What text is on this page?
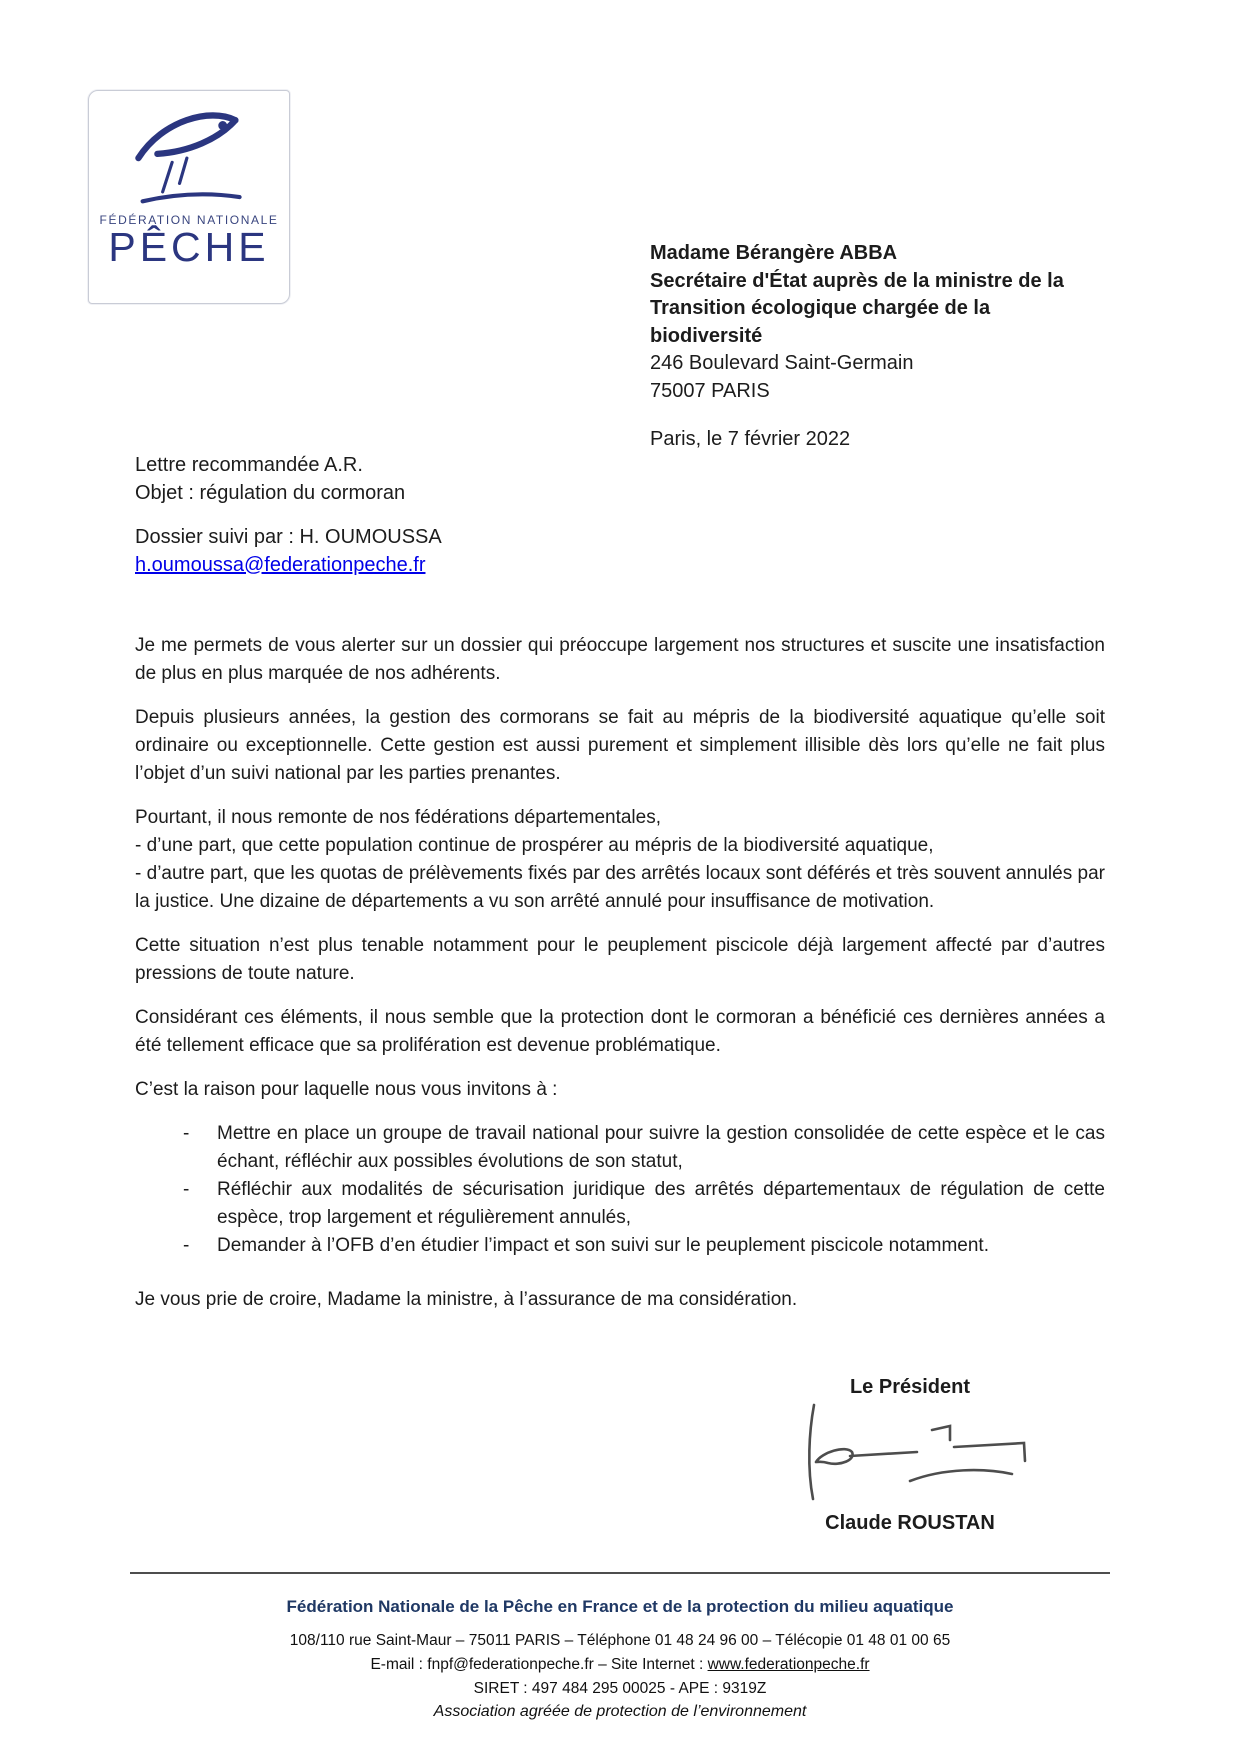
FÉDÉRATION NATIONALE
PÊCHE	Madame Bérangère ABBA
Secrétaire d'État auprès de la ministre de la
Transition écologique chargée de la
biodiversité
246 Boulevard Saint-Germain
75007 PARIS
Paris, le 7 février 2022
Lettre recommandée A.R.
Objet : régulation du cormoran
Dossier suivi par : H. OUMOUSSA
h.oumoussa@federationpeche.fr

Je me permets de vous alerter sur un dossier qui préoccupe largement nos structures et suscite une insatisfaction de plus en plus marquée de nos adhérents.

Depuis plusieurs années, la gestion des cormorans se fait au mépris de la biodiversité aquatique qu’elle soit ordinaire ou exceptionnelle. Cette gestion est aussi purement et simplement illisible dès lors qu’elle ne fait plus l’objet d’un suivi national par les parties prenantes.

Pourtant, il nous remonte de nos fédérations départementales,
- d’une part, que cette population continue de prospérer au mépris de la biodiversité aquatique,
- d’autre part, que les quotas de prélèvements fixés par des arrêtés locaux sont déférés et très souvent annulés par la justice. Une dizaine de départements a vu son arrêté annulé pour insuffisance de motivation.

Cette situation n’est plus tenable notamment pour le peuplement piscicole déjà largement affecté par d’autres pressions de toute nature.

Considérant ces éléments, il nous semble que la protection dont le cormoran a bénéficié ces dernières années a été tellement efficace que sa prolifération est devenue problématique.

C’est la raison pour laquelle nous vous invitons à :

- Mettre en place un groupe de travail national pour suivre la gestion consolidée de cette espèce et le cas échant, réfléchir aux possibles évolutions de son statut,
- Réfléchir aux modalités de sécurisation juridique des arrêtés départementaux de régulation de cette espèce, trop largement et régulièrement annulés,
- Demander à l’OFB d’en étudier l’impact et son suivi sur le peuplement piscicole notamment.

Je vous prie de croire, Madame la ministre, à l’assurance de ma considération.

Le Président
Claude ROUSTAN
Fédération Nationale de la Pêche en France et de la protection du milieu aquatique
108/110 rue Saint-Maur – 75011 PARIS – Téléphone 01 48 24 96 00 – Télécopie 01 48 01 00 65
E-mail : fnpf@federationpeche.fr – Site Internet : www.federationpeche.fr
SIRET : 497 484 295 00025 - APE : 9319Z
Association agréée de protection de l’environnement
